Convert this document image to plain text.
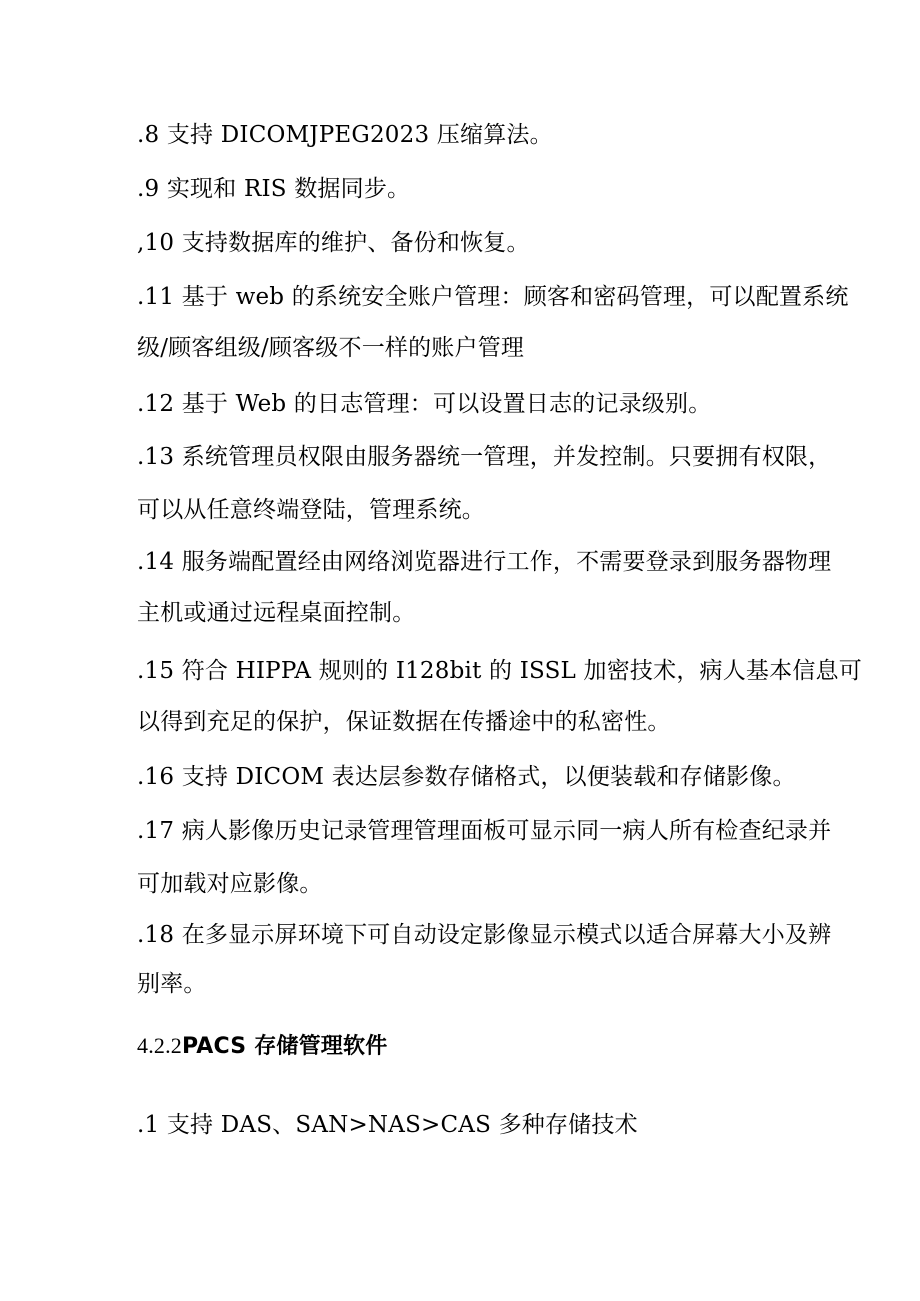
.8 支持 DICOMJPEG2023 压缩算法。
.9 实现和 RIS 数据同步。
,10 支持数据库的维护、备份和恢复。
.11 基于 web 的系统安全账户管理：顾客和密码管理，可以配置系统
级/顾客组级/顾客级不一样的账户管理
.12 基于 Web 的日志管理：可以设置日志的记录级别。
.13 系统管理员权限由服务器统一管理，并发控制。只要拥有权限，
可以从任意终端登陆，管理系统。
.14 服务端配置经由网络浏览器进行工作，不需要登录到服务器物理
主机或通过远程桌面控制。
.15 符合 HIPPA 规则的 I128bit 的 ISSL 加密技术，病人基本信息可
以得到充足的保护，保证数据在传播途中的私密性。
.16 支持 DICOM 表达层参数存储格式，以便装载和存储影像。
.17 病人影像历史记录管理管理面板可显示同一病人所有检查纪录并
可加载对应影像。
.18 在多显示屏环境下可自动设定影像显示模式以适合屏幕大小及辨
别率。
4.2.2PACS 存储管理软件
.1 支持 DAS、SAN>NAS>CAS 多种存储技术
